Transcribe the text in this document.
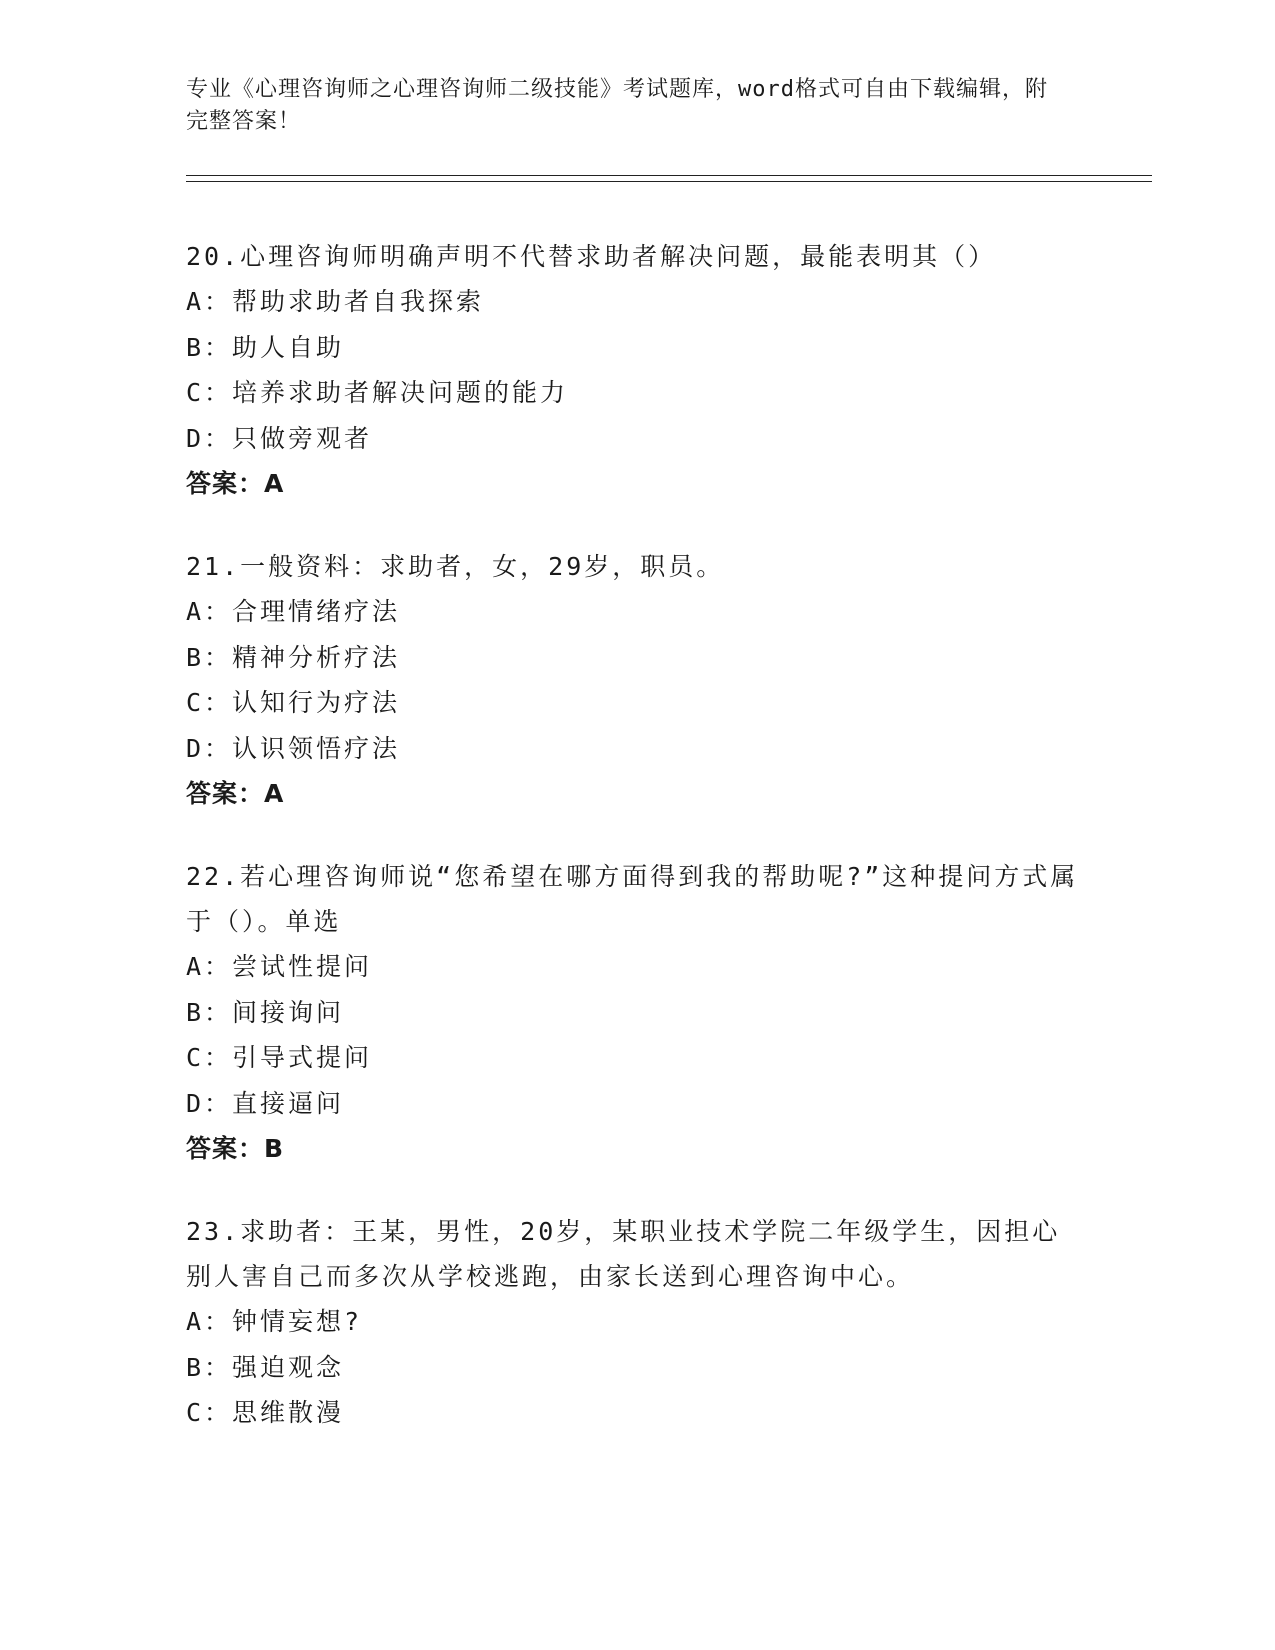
专业《心理咨询师之心理咨询师二级技能》考试题库，word格式可自由下载编辑，附完整答案！
20.心理咨询师明确声明不代替求助者解决问题，最能表明其（）
A：帮助求助者自我探索
B：助人自助
C：培养求助者解决问题的能力
D：只做旁观者
答案：A
21.一般资料：求助者，女，29岁，职员。
A：合理情绪疗法
B：精神分析疗法
C：认知行为疗法
D：认识领悟疗法
答案：A
22.若心理咨询师说“您希望在哪方面得到我的帮助呢?”这种提问方式属于（）。单选
A：尝试性提问
B：间接询问
C：引导式提问
D：直接逼问
答案：B
23.求助者：王某，男性，20岁，某职业技术学院二年级学生，因担心别人害自己而多次从学校逃跑，由家长送到心理咨询中心。
A：钟情妄想?
B：强迫观念
C：思维散漫
